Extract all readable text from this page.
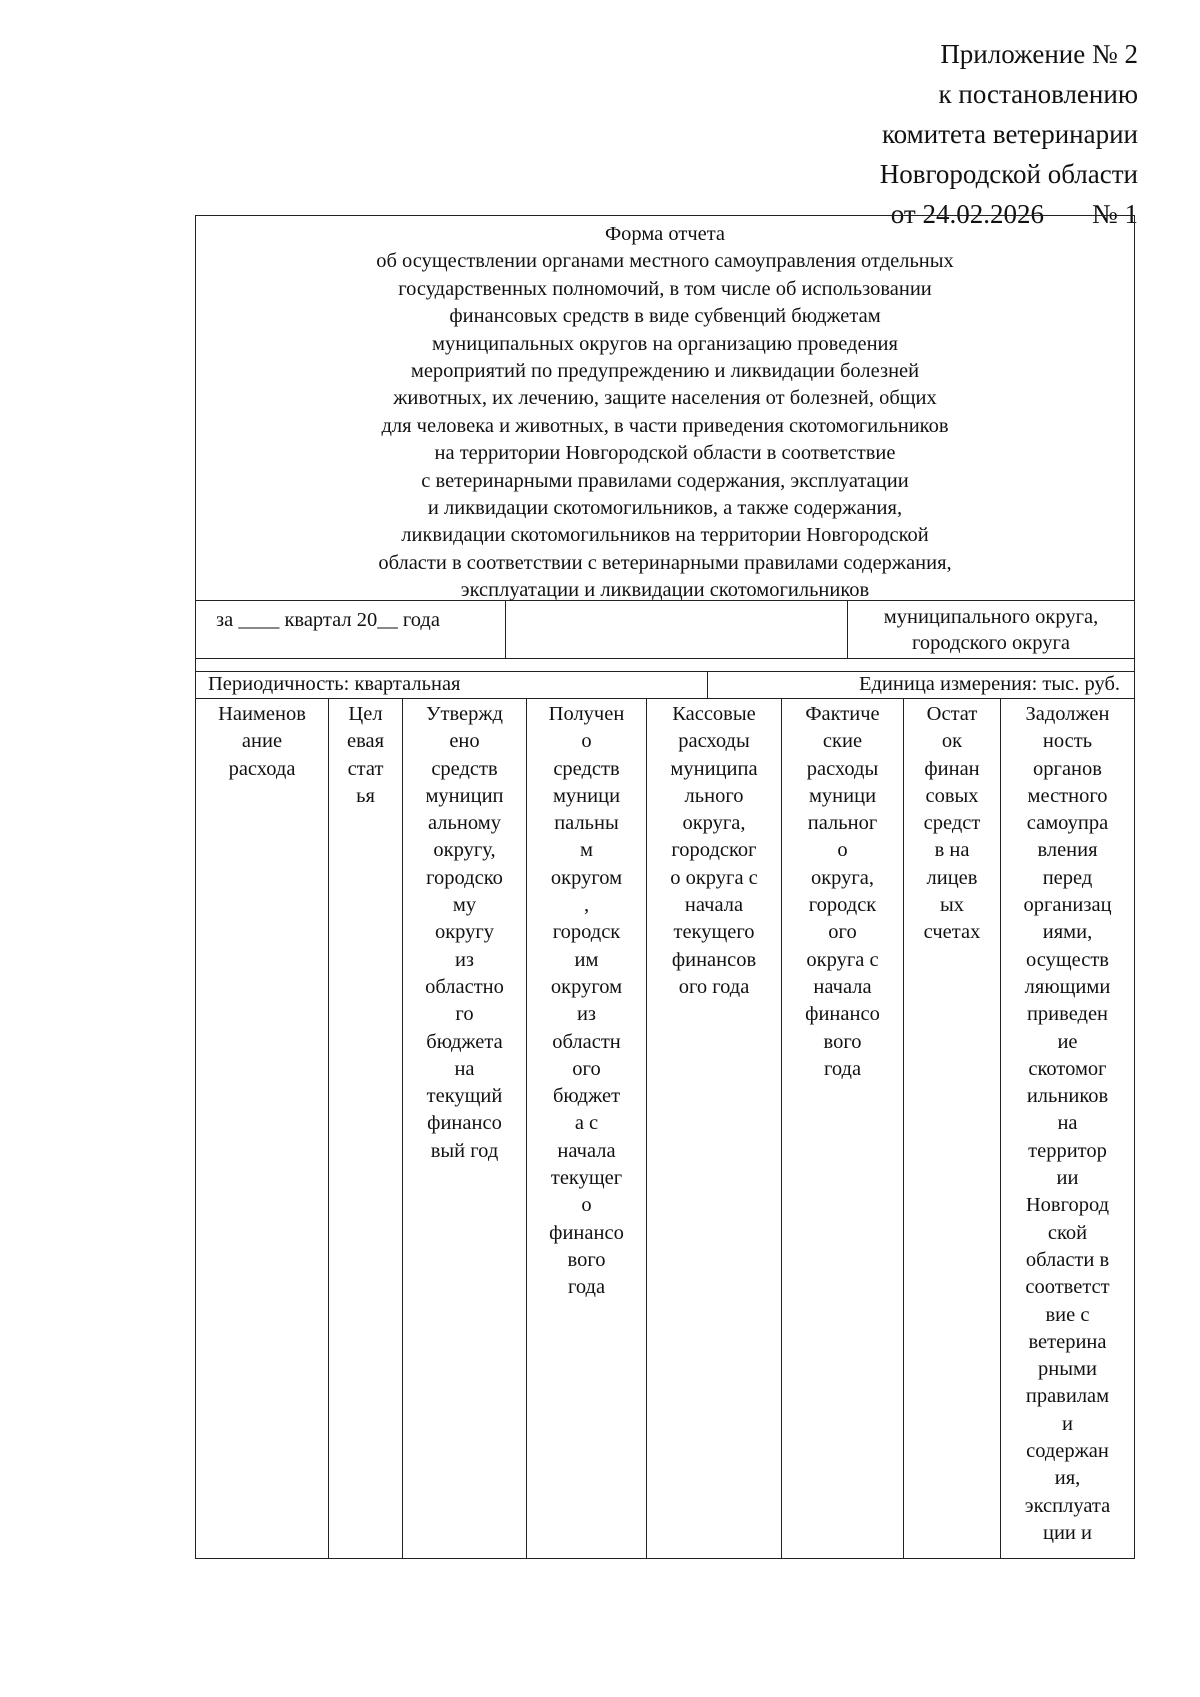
Приложение № 2
к постановлению
комитета ветеринарии
Новгородской области
от 24.02.2026 № 1
Форма отчета
об осуществлении органами местного самоуправления отдельных
государственных полномочий, в том числе об использовании
финансовых средств в виде субвенций бюджетам
муниципальных округов на организацию проведения
мероприятий по предупреждению и ликвидации болезней
животных, их лечению, защите населения от болезней, общих
для человека и животных, в части приведения скотомогильников
на территории Новгородской области в соответствие
с ветеринарными правилами содержания, эксплуатации
и ликвидации скотомогильников, а также содержания,
ликвидации скотомогильников на территории Новгородской
области в соответствии с ветеринарными правилами содержания,
эксплуатации и ликвидации скотомогильников
за ____ квартал 20__ года	муниципального округа,
городского округа
Периодичность: квартальная	Единица измерения: тыс. руб.
Наименов
ание
расхода
Цел
евая
стат
ья
Утвержд
ено
средств
муницип
альному
округу,
городско
му
округу
из
областно
го
бюджета
на
текущий
финансо
вый год
Получен
о
средств
муници
пальны
м
округом
,
городск
им
округом
из
областн
ого
бюджет
а с
начала
текущег
о
финансо
вого
года
Кассовые
расходы
муниципа
льного
округа,
городског
о округа с
начала
текущего
финансов
ого года
Фактиче
ские
расходы
муници
пальног
о
округа,
городск
ого
округа с
начала
финансо
вого
года
Остат
ок
финан
совых
средст
в на
лицев
ых
счетах
Задолжен
ность
органов
местного
самоупра
вления
перед
организац
иями,
осуществ
ляющими
приведен
ие
скотомог
ильников
на
территор
ии
Новгород
ской
области в
соответст
вие с
ветерина
рными
правилам
и
содержан
ия,
эксплуата
ции и
